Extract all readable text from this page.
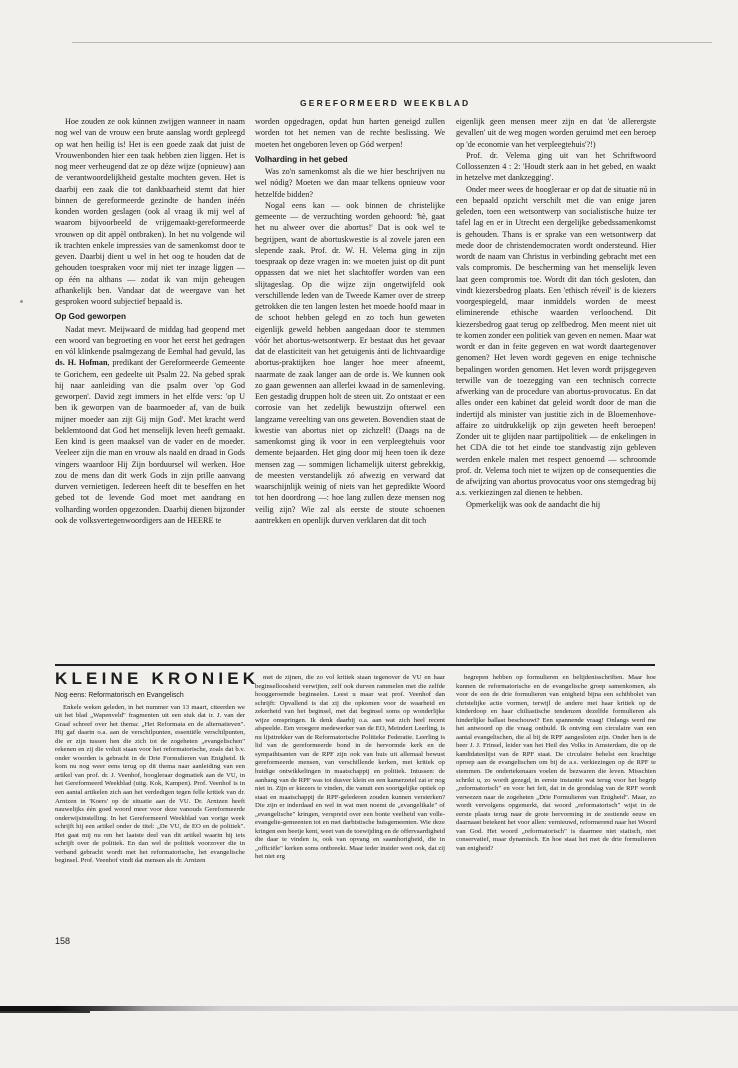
GEREFORMEERD WEEKBLAD

Hoe zouden ze ook kúnnen zwijgen wanneer in naam nog wel van de vrouw een brute aanslag wordt gepleegd op wat hen heilig is! Het is een goede zaak dat juist de Vrouwenbonden hier een taak hebben zien liggen. Het is nog meer verheugend dat ze op déze wijze (opnieuw) aan de verantwoordelijkheid gestalte mochten geven. Het is daarbij een zaak die tot dankbaarheid stemt dat hier binnen de gereformeerde gezindte de handen inéén konden worden geslagen (ook al vraag ik mij wel af waarom bijvoorbeeld de vrijgemaakt-gereformeerde vrouwen op dit appèl ontbraken). In het nu volgende wil ik trachten enkele impressies van de samenkomst door te geven. Daarbij dient u wel in het oog te houden dat de gehouden toespraken voor mij niet ter inzage liggen — op één na althans — zodat ik van mijn geheugen afhankelijk ben. Vandaar dat de weergave van het gesproken woord subjectief bepaald is.

Op God geworpen

Nadat mevr. Meijwaard de middag had geopend met een woord van begroeting en voor het eerst het gedragen en vól klinkende psalmgezang de Eemhal had gevuld, las ds. H. Hofman, predikant der Gereformeerde Gemeente te Gorichem, een gedeelte uit Psalm 22. Na gebed sprak hij naar aanleiding van die psalm over 'op God geworpen'. David zegt immers in het elfde vers: 'op U ben ik geworpen van de baarmoeder af, van de buik mijner moeder aan zijt Gij mijn God'. Met kracht werd beklemtoond dat God het menselijk leven heeft gemaakt. Een kind is geen maaksel van de vader en de moeder. Veeleer zijn die man en vrouw als naald en draad in Gods vingers waardoor Hij Zijn borduursel wil werken. Hoe zou de mens dan dit werk Gods in zijn prille aanvang durven vernietigen. Iedereen heeft dit te beseffen en het gebed tot de levende God moet met aandrang en volharding worden opgezonden. Daarbij dienen bijzonder ook de volksvertegenwoordigers aan de HEERE te

worden opgedragen, opdat hun harten geneigd zullen worden tot het nemen van de rechte beslissing. We moeten het ongeboren leven op Gód werpen!

Volharding in het gebed

Was zo'n samenkomst als die we hier beschrijven nu wel nódig? Moeten we dan maar telkens opnieuw voor hetzelfde bidden?

Nogal eens kan — ook binnen de christelijke gemeente — de verzuchting worden gehoord: 'hè, gaat het nu alweer over die abortus!' Dat is ook wel te begrijpen, want de abortuskwestie is al zovele jaren een slepende zaak. Prof. dr. W. H. Velema ging in zijn toespraak op deze vragen in: we moeten juist op dit punt oppassen dat we niet het slachtoffer worden van een slijtageslag. Op die wijze zijn ongetwijfeld ook verschillende leden van de Tweede Kamer over de streep getrokken die ten langen lesten het moede hoofd maar in de schoot hebben gelegd en zo toch hun geweten eigenlijk geweld hebben aangedaan door te stemmen vóór het abortus-wetsontwerp. Er bestaat dus het gevaar dat de elasticiteit van het getuigenis ánti de lichtvaardige abortus-praktijken hoe langer hoe meer afneemt, naarmate de zaak langer aan de orde is. We kunnen ook zo gaan gewennen aan allerlei kwaad in de samenleving. Een gestadig druppen holt de steen uit. Zo ontstaat er een corrosie van het zedelijk bewustzijn ofterwel een langzame vereelting van ons geweten. Bovendien staat de kwestie van abortus niet op zichzelf! (Daags na de samenkomst ging ik voor in een verpleegtehuis voor demente bejaarden. Het ging door mij heen toen ik deze mensen zag — sommigen lichamelijk uiterst gebrekkig, de meesten verstandelijk zó afwezig en verward dat waarschijnlijk weinig of niets van het gepredikte Woord tot hen doordrong —: hoe lang zullen deze mensen nog veilig zijn? Wie zal als eerste de stoute schoenen aantrekken en openlijk durven verklaren dat dit toch

eigenlijk geen mensen meer zijn en dat 'de allerergste gevallen' uit de weg mogen worden geruimd met een beroep op 'de economie van het verpleegtehuis'?!)

Prof. dr. Velema ging uit van het Schriftwoord Collossenzen 4 : 2: 'Houdt sterk aan in het gebed, en waakt in hetzelve met dankzegging'.

Onder meer wees de hoogleraar er op dat de situatie nú in een bepaald opzicht verschilt met die van enige jaren geleden, toen een wetsontwerp van socialistische huize ter tafel lag en er in Utrecht een dergelijke gebedssamenkomst is gehouden. Thans is er sprake van een wetsontwerp dat mede door de christendemocraten wordt ondersteund. Hier wordt de naam van Christus in verbinding gebracht met een vals compromis. De bescherming van het menselijk leven laat geen compromis toe. Wordt dit dan tóch gesloten, dan vindt kiezersbedrog plaats. Een 'ethisch réveil' is de kiezers voorgespiegeld, maar inmiddels worden de meest eliminerende ethische waarden verloochend. Dit kiezersbedrog gaat terug op zelfbedrog. Men meent niet uit te komen zonder een politiek van geven en nemen. Maar wat wordt er dan in feite gegeven en wat wordt daartegenover genomen? Het leven wordt gegeven en enige technische bepalingen worden genomen. Het leven wordt prijsgegeven terwille van de toezegging van een technisch correcte afwerking van de procedure van abortus-provocatus. En dat alles onder een kabinet dat geleid wordt door de man die indertijd als minister van justitie zich in de Bloemenhove-affaire zo uitdrukkelijk op zijn geweten heeft beroepen! Zonder uit te glijden naar partijpolitiek — de enkelingen in het CDA die tot het einde toe standvastig zijn gebleven werden enkele malen met respect genoemd — schroomde prof. dr. Velema toch niet te wijzen op de consequenties die de afwijzing van abortus provocatus voor ons stemgedrag bij a.s. verkiezingen zal dienen te hebben.

Opmerkelijk was ook de aandacht die hij

KLEINE KRONIEK

Nog eens: Reformatorisch en Evangelisch

Enkele weken geleden, in het nummer van 13 maart, citeerden we uit het blad „Wapenveld" fragmenten uit een stuk dat ir. J. van der Graaf schreef over het thema: „Het Reformata en de alternatieven". Hij gaf daarin o.a. aan de verschilpunten, essentiële verschilpunten, die er zijn tussen hen die zich tot de zogeheten „evangelischen" rekenen en zij die voluit staan voor het reformatorische, zoals dat b.v. onder woorden is gebracht in de Drie Formulieren van Enigheid. Ik kom nu nog weer eens terug op dit thema naar aanleiding van een artikel van prof. dr. J. Veenhof, hoogleraar dogmatiek aan de VU, in het Gereformeerd Weekblad (uitg. Kok, Kampen). Prof. Veenhof is in een aantal artikelen zich aan het verdedigen tegen felle kritiek van dr. Arntzen in 'Koers' op de situatie aan de VU. Dr. Arntzen heeft nauwelijks één goed woord meer voor deze vanouds Gereformeerde onderwijsinstelling. In het Gereformeerd Weekblad van vorige week schrijft hij een artikel onder de titel: „De VU, de EO en de politiek". Het gaat mij nu om het laatste deel van dit artikel waarin hij iets schrijft over de politiek. En dan wel de politiek voorzover die in verband gebracht wordt met het reformatorische, het evangelische beginsel. Prof. Veenhof vindt dat mensen als dr. Arntzen

met de zijnen, die zo vol kritiek staan tegenover de VU en haar beginselloosheid verwijten, zelf ook durven rammelen met die zelfde hooggeroemde beginselen. Leest u maar wat prof. Veenhof dan schrijft: Opvallend is dat zij die opkomen voor de waarheid en zekerheid van het beginsel, met dat beginsel soms op wonderlijke wijze omspringen. Ik denk daarbij o.a. aan wat zich heel recent afspeelde. Een vroegere medewerker van de EO, Meindert Leerling, is nu lijsttrekker van de Reformatorische Politieke Federatie. Leerling is lid van de gereformeerde bond in de hervormde kerk en de sympathisanten van de RPF zijn ook van huis uit allemaal bewust gereformeerde mensen, van verschillende kerken, met kritiek op huidige ontwikkelingen in maatschappij en politiek. Intussen: de aanhang van de RPF was tot dusver klein en een kamerzetel zat er nog niet in. Zijn er kiezers te vinden, die vanuit een soortgelijke optiek op staat en maatschappij de RPF-gelederen zouden kunnen versterken? Die zijn er inderdaad en wel in wat men noemt de „evangelikale" of „evangelische" kringen, verspreid over een bonte veelheid van volle-evangelie-gemeenten tot en met darbistische huisgemeenten. Wie deze kringen een beetje kent, weet van de toewijding en de offervaardigheid die daar te vinden is, ook van opvang en saamhorigheid, die in „officiële" kerken soms ontbreekt. Maar ieder insider weet ook, dat zij het niet erg

begrepen hebben op formulieren en belijdenisschriften. Maar hoe kunnen de reformatorische en de evangelische groep samenkomen, als voor de een de drie formulieren van enigheid bijna een schibbolet van christelijke actie vormen, terwijl de andere met haar kritiek op de kinderdoop en haar chiliastische tendenzen dezelfde formulieren als hinderlijke ballast beschouwt? Een spannende vraag! Onlangs werd me het antwoord op die vraag onthuld. Ik ontving een circulaire van een aantal evangelischen, die al bij de RPF aangesloten zijn. Onder hen is de heer J. J. Frinsel, leider van het Heil des Volks in Amsterdam, die op de kandidatenlijst van de RPF staat. De circulaire behelst een krachtige oproep aan de evangelischen om bij de a.s. verkiezingen op de RPF te stemmen. De ondertekenaars voelen de bezwaren die leven. Misschien schrikt u, zo wordt gezegd, in eerste instantie wat terug voor het begrip „reformatorisch" en voor het feit, dat in de grondslag van de RPF wordt verwezen naar de zogeheten „Drie Formulieren van Enigheid". Maar, zo wordt vervolgens opgemerkt, dat woord „reformatorisch" wijst in de eerste plaats terug naar de grote hervorming in de zestiende eeuw en daarnaast betekent het voor allen: vernieuwd, reformerend naar het Woord van God. Het woord „reformatorisch" is daarmee niet statisch, niet conservatief, maar dynamisch. En hoe staat het met de drie formulieren van enigheid?

158
